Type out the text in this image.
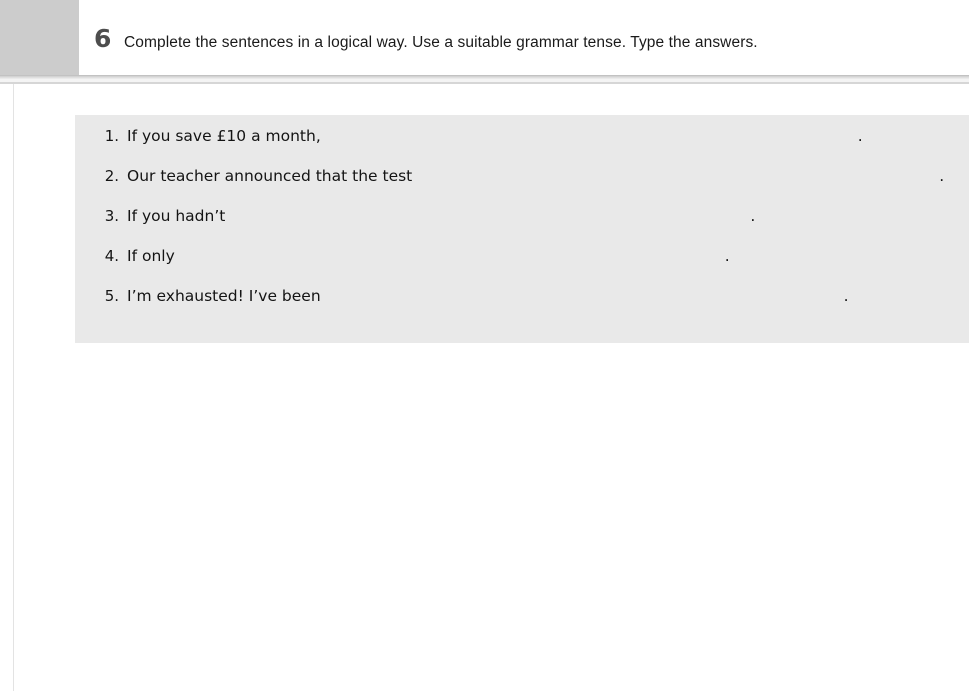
6 Complete the sentences in a logical way. Use a suitable grammar tense. Type the answers.
1. If you save £10 a month,	.
2. Our teacher announced that the test	.
3. If you hadn’t	.
4. If only	.
5. I’m exhausted! I’ve been	.
